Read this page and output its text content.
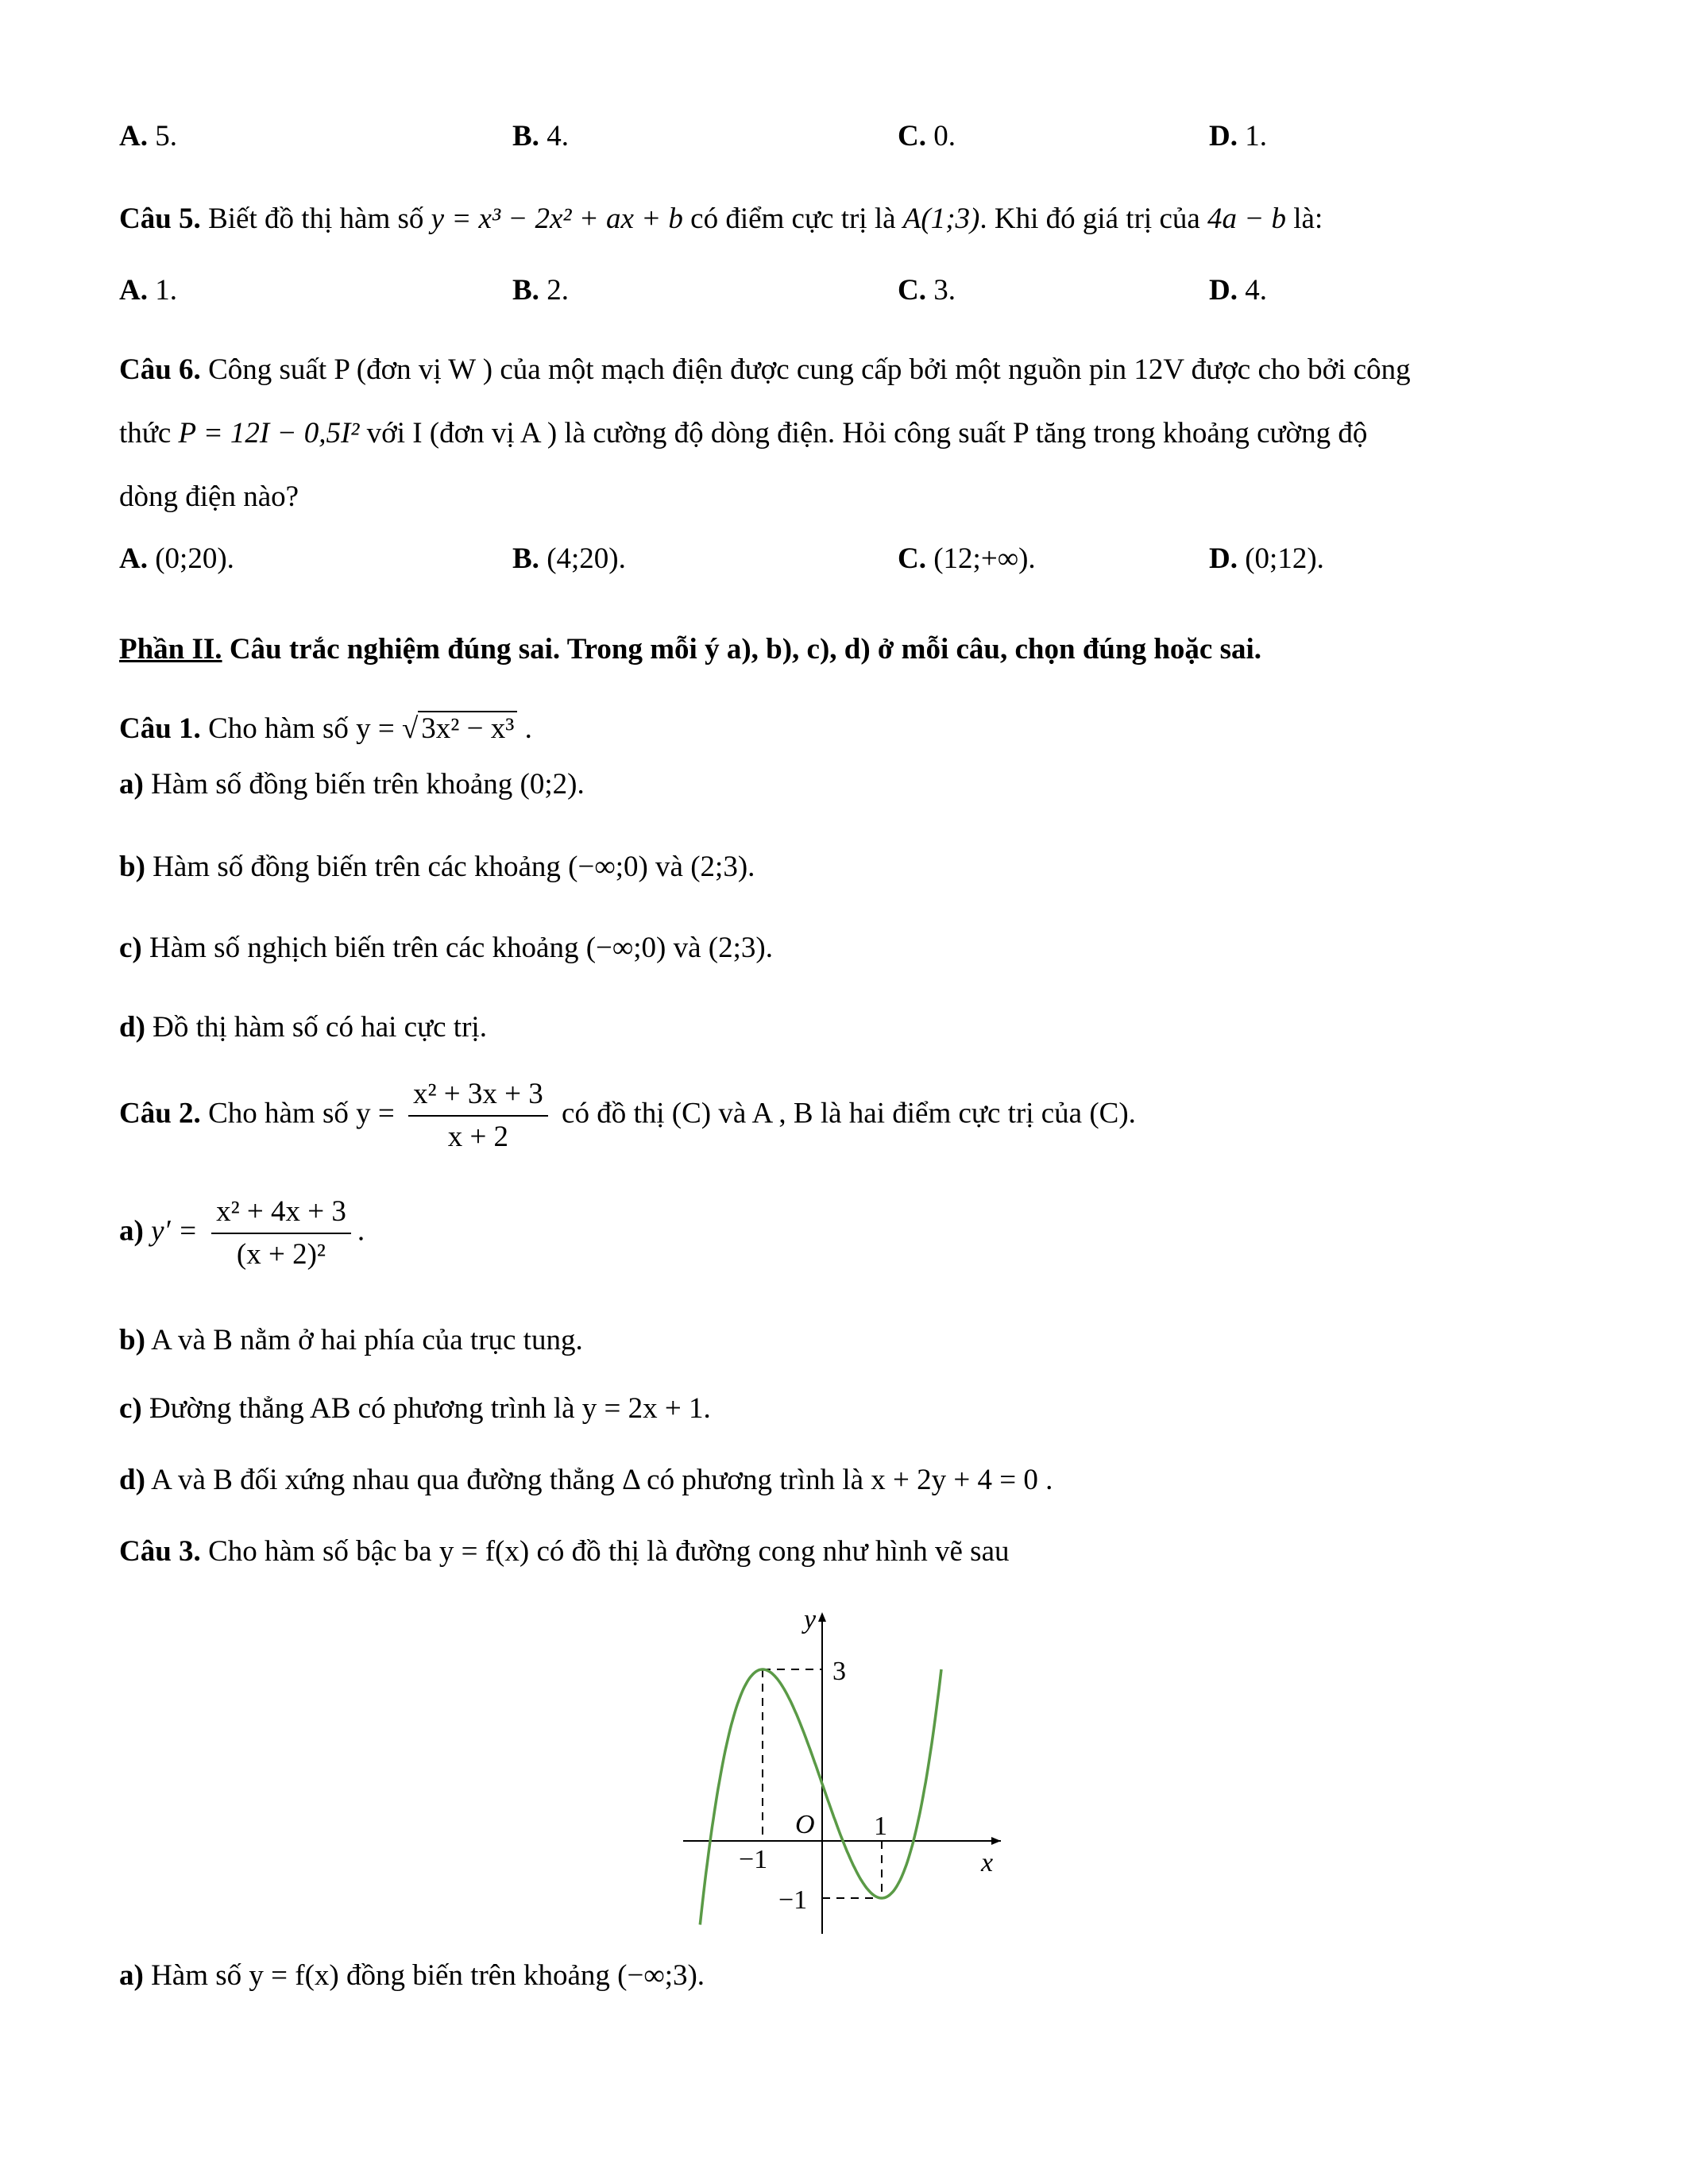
A. 5.	B. 4.	C. 0.	D. 1.
Câu 5. Biết đồ thị hàm số y = x³ − 2x² + ax + b có điểm cực trị là A(1;3). Khi đó giá trị của 4a − b là:
A. 1.	B. 2.	C. 3.	D. 4.
Câu 6. Công suất P (đơn vị W ) của một mạch điện được cung cấp bởi một nguồn pin 12V được cho bởi công
thức P = 12I − 0,5I² với I (đơn vị A ) là cường độ dòng điện. Hỏi công suất P tăng trong khoảng cường độ
dòng điện nào?
A. (0;20).	B. (4;20).	C. (12;+∞).	D. (0;12).
Phần II. Câu trắc nghiệm đúng sai. Trong mỗi ý a), b), c), d) ở mỗi câu, chọn đúng hoặc sai.
Câu 1. Cho hàm số y = √ 3x² − x³ .
a) Hàm số đồng biến trên khoảng (0;2).
b) Hàm số đồng biến trên các khoảng (−∞;0) và (2;3).
c) Hàm số nghịch biến trên các khoảng (−∞;0) và (2;3).
d) Đồ thị hàm số có hai cực trị.
Câu 2. Cho hàm số $y = \frac{\text{x² + 3x + 3}}{x + 2}$ có đồ thị (C) và A , B là hai điểm cực trị của (C).
a) $y' = \frac{\text{x² + 4x + 3}}{\text{(x + 2)²}}$ .
b) A và B nằm ở hai phía của trục tung.
c) Đường thẳng AB có phương trình là y = 2x + 1.
d) A và B đối xứng nhau qua đường thẳng Δ có phương trình là x + 2y + 4 = 0 .
Câu 3. Cho hàm số bậc ba y = f(x) có đồ thị là đường cong như hình vẽ sau
y
x
O
3
1
−1
−1
a) Hàm số y = f(x) đồng biến trên khoảng (−∞;3).
